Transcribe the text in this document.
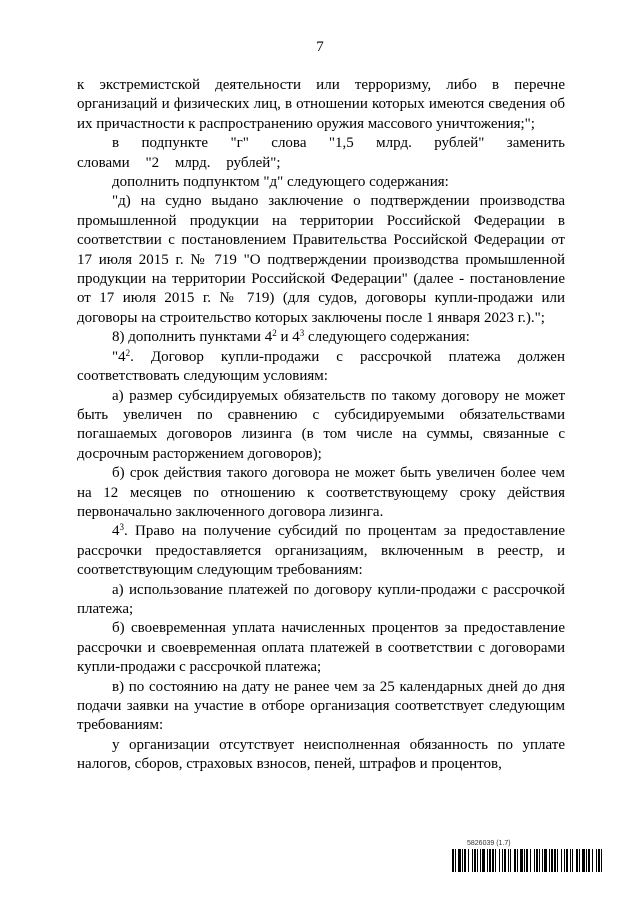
7

к экстремистской деятельности или терроризму, либо в перечне организаций и физических лиц, в отношении которых имеются сведения об их причастности к распространению оружия массового уничтожения;";

в подпункте "г" слова "1,5 млрд. рублей" заменить словами "2 млрд. рублей";

дополнить подпунктом "д" следующего содержания:

"д) на судно выдано заключение о подтверждении производства промышленной продукции на территории Российской Федерации в соответствии с постановлением Правительства Российской Федерации от 17 июля 2015 г. № 719 "О подтверждении производства промышленной продукции на территории Российской Федерации" (далее - постановление от 17 июля 2015 г. № 719) (для судов, договоры купли-продажи или договоры на строительство которых заключены после 1 января 2023 г.).";

8) дополнить пунктами $4^2$ и $4^3$ следующего содержания:

"$4^2$. Договор купли-продажи с рассрочкой платежа должен соответствовать следующим условиям:

а) размер субсидируемых обязательств по такому договору не может быть увеличен по сравнению с субсидируемыми обязательствами погашаемых договоров лизинга (в том числе на суммы, связанные с досрочным расторжением договоров);

б) срок действия такого договора не может быть увеличен более чем на 12 месяцев по отношению к соответствующему сроку действия первоначально заключенного договора лизинга.

$4^3$. Право на получение субсидий по процентам за предоставление рассрочки предоставляется организациям, включенным в реестр, и соответствующим следующим требованиям:

а) использование платежей по договору купли-продажи с рассрочкой платежа;

б) своевременная уплата начисленных процентов за предоставление рассрочки и своевременная оплата платежей в соответствии с договорами купли-продажи с рассрочкой платежа;

в) по состоянию на дату не ранее чем за 25 календарных дней до дня подачи заявки на участие в отборе организация соответствует следующим требованиям:

у организации отсутствует неисполненная обязанность по уплате налогов, сборов, страховых взносов, пеней, штрафов и процентов,

5826039 (1.7)
